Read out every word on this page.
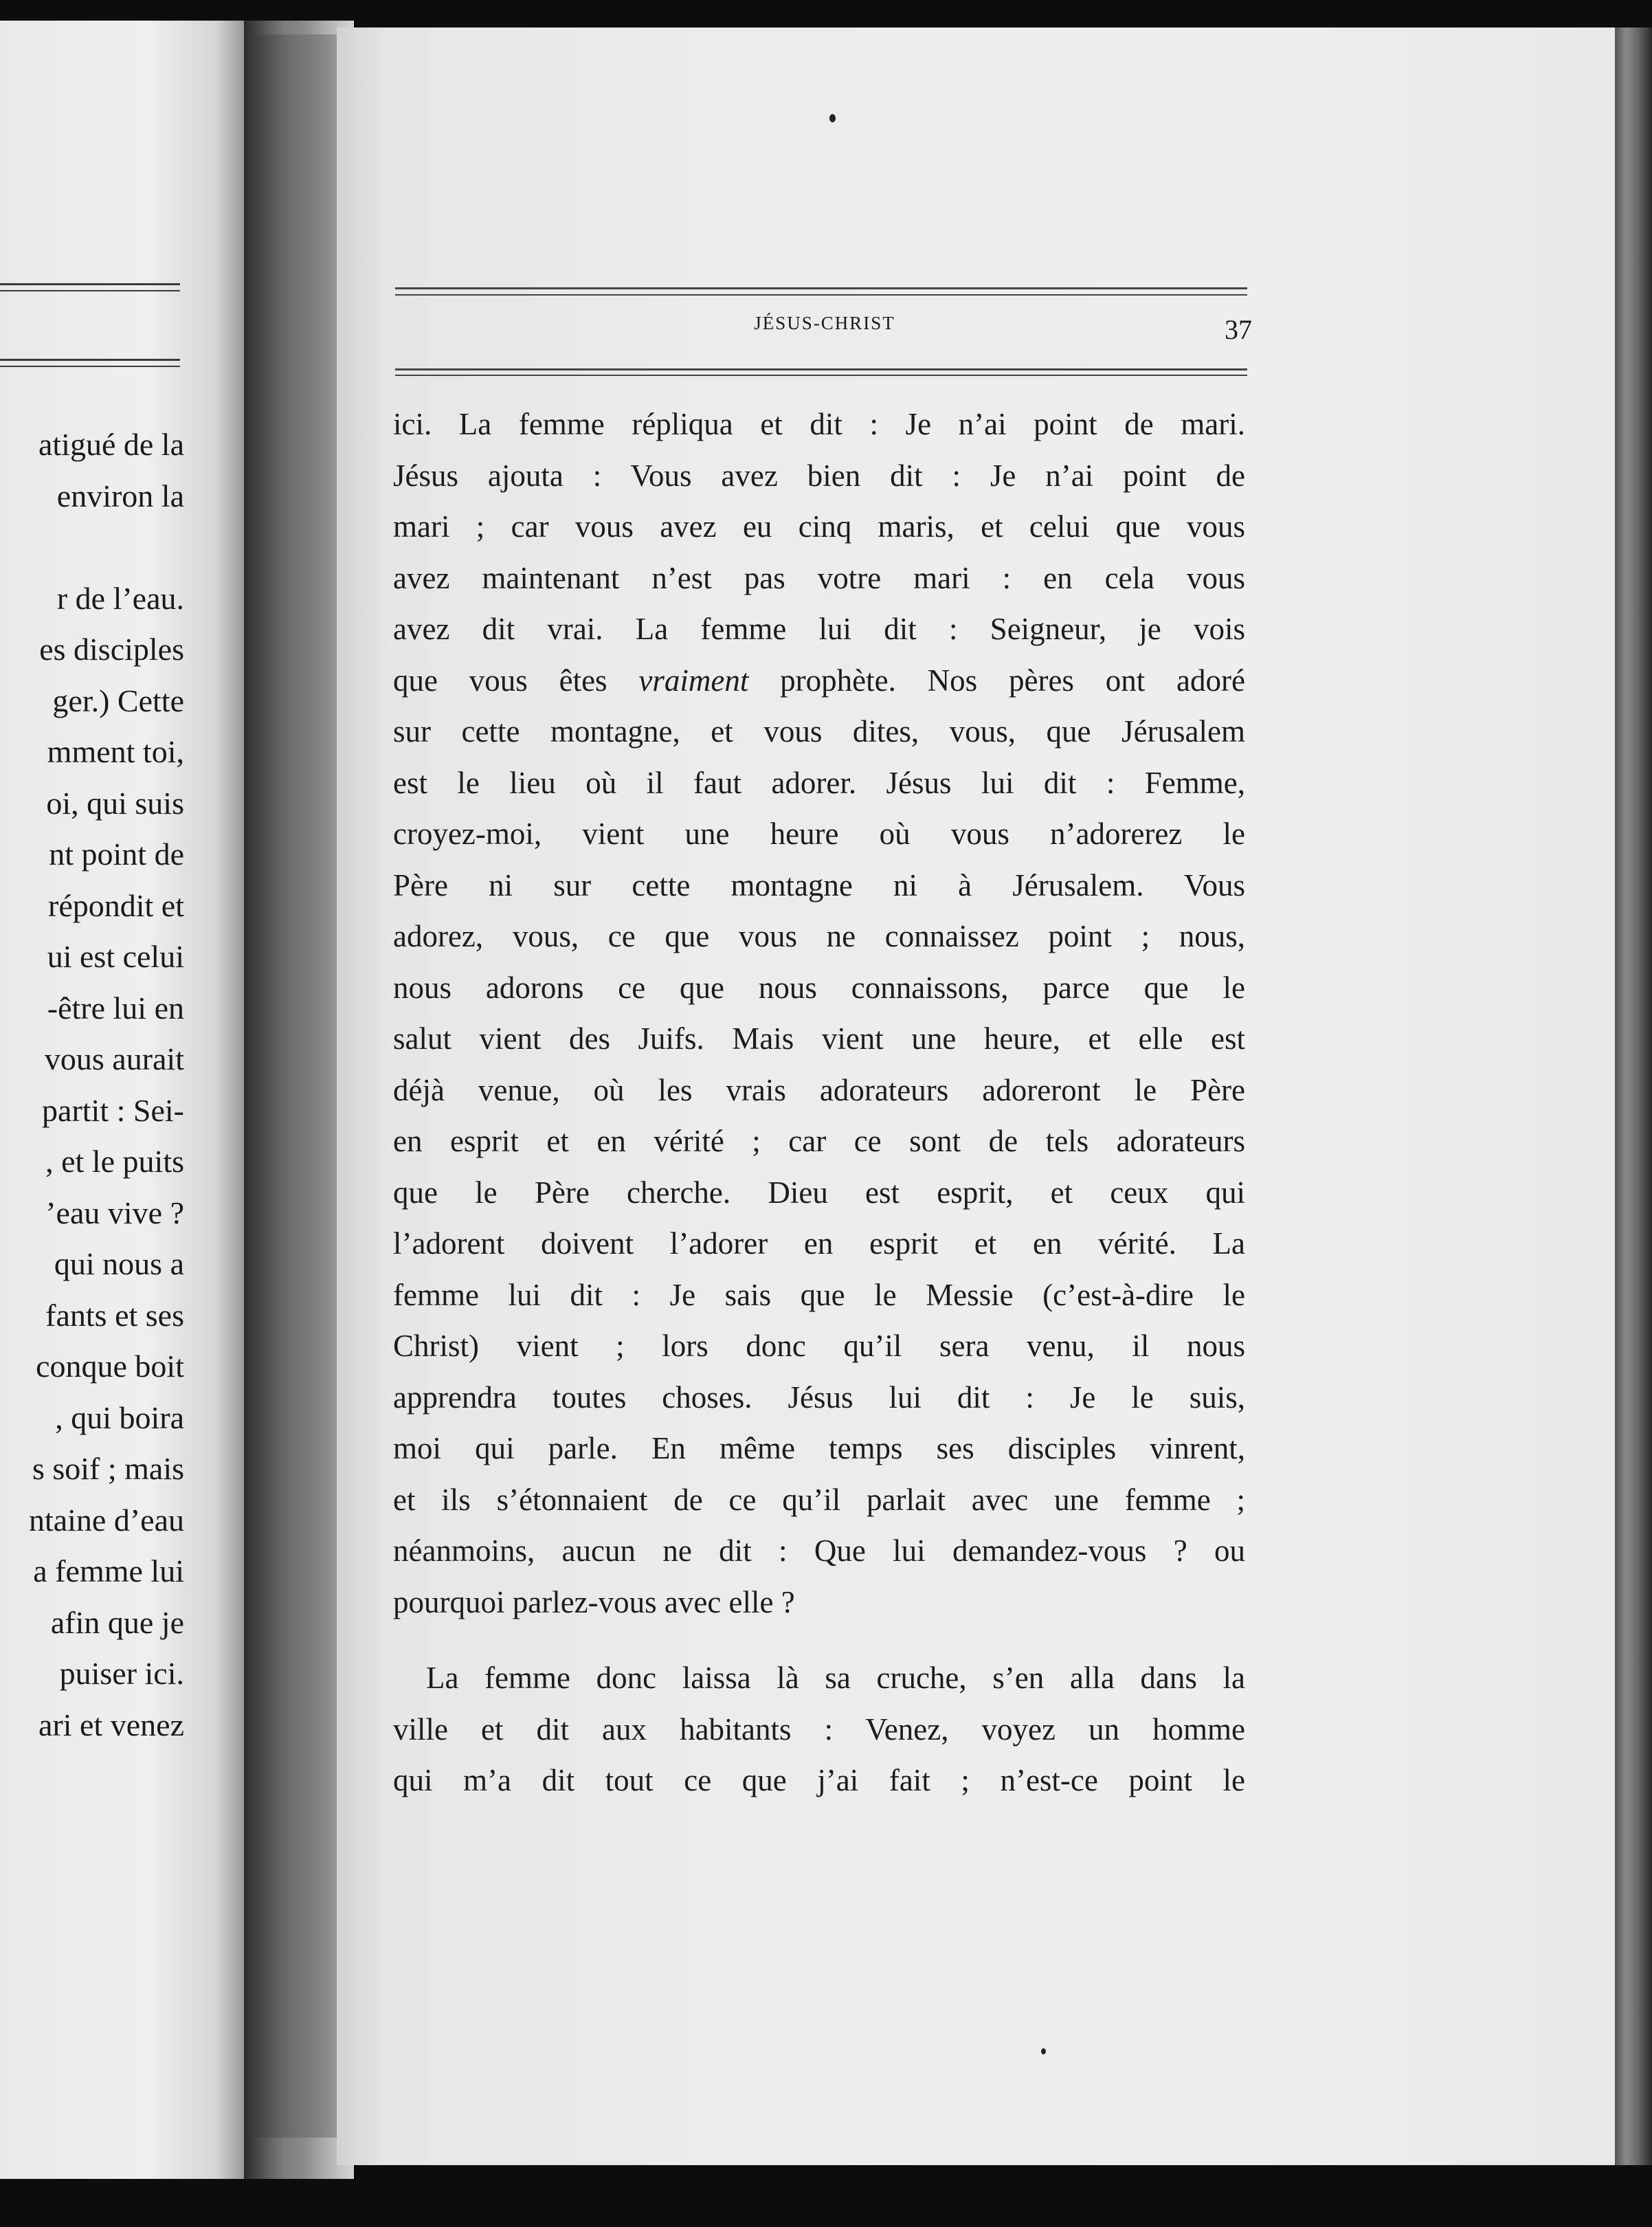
atigué de la
environ la
r de l’eau.
es disciples
ger.) Cette
mment toi,
oi, qui suis
nt point de
répondit et
ui est celui
-être lui en
vous aurait
partit : Sei-
, et le puits
’eau vive ?
qui nous a
fants et ses
conque boit
, qui boira
s soif ; mais
ntaine d’eau
a femme lui
afin que je
puiser ici.
ari et venez
JÉSUS-CHRIST	37
ici. La femme répliqua et dit : Je n’ai point de mari.
Jésus ajouta : Vous avez bien dit : Je n’ai point de
mari ; car vous avez eu cinq maris, et celui que vous
avez maintenant n’est pas votre mari : en cela vous
avez dit vrai. La femme lui dit : Seigneur, je vois
que vous êtes vraiment prophète. Nos pères ont adoré
sur cette montagne, et vous dites, vous, que Jérusalem
est le lieu où il faut adorer. Jésus lui dit : Femme,
croyez-moi, vient une heure où vous n’adorerez le
Père ni sur cette montagne ni à Jérusalem. Vous
adorez, vous, ce que vous ne connaissez point ; nous,
nous adorons ce que nous connaissons, parce que le
salut vient des Juifs. Mais vient une heure, et elle est
déjà venue, où les vrais adorateurs adoreront le Père
en esprit et en vérité ; car ce sont de tels adorateurs
que le Père cherche. Dieu est esprit, et ceux qui
l’adorent doivent l’adorer en esprit et en vérité. La
femme lui dit : Je sais que le Messie (c’est-à-dire le
Christ) vient ; lors donc qu’il sera venu, il nous
apprendra toutes choses. Jésus lui dit : Je le suis,
moi qui parle. En même temps ses disciples vinrent,
et ils s’étonnaient de ce qu’il parlait avec une femme ;
néanmoins, aucun ne dit : Que lui demandez-vous ? ou
pourquoi parlez-vous avec elle ?
La femme donc laissa là sa cruche, s’en alla dans la
ville et dit aux habitants : Venez, voyez un homme
qui m’a dit tout ce que j’ai fait ; n’est-ce point le
